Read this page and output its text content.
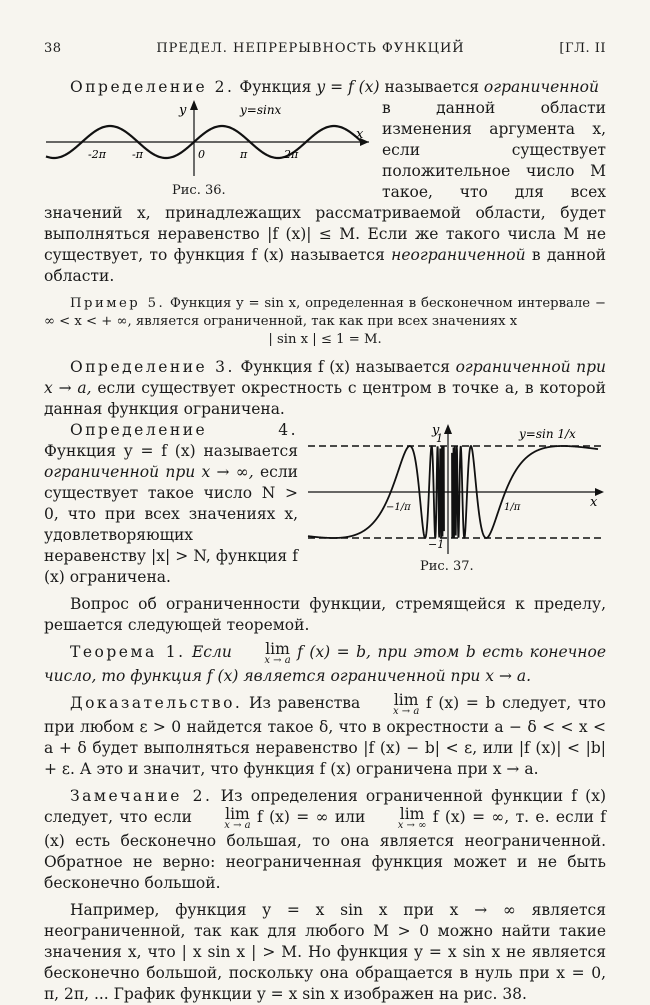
38	ПРЕДЕЛ. НЕПРЕРЫВНОСТЬ ФУНКЦИЙ	[ГЛ. II

Определение 2. Функция y = f (x) называется ограниченной

y	y=sinx
x
-2π -π	0	π	2π
Рис. 36.

в данной области изменения аргумента x, если существует положительное число M такое, что для всех значений x, принадлежащих рассматриваемой области, будет выполняться неравенство |f (x)| ≤ M. Если же такого числа M не существует, то функция f (x) называется неограниченной в данной области.

Пример 5. Функция y = sin x, определенная в бесконечном интервале − ∞ < x < + ∞, является ограниченной, так как при всех значениях x

| sin x | ≤ 1 = M.

Определение 3. Функция f (x) называется ограниченной при x → a, если существует окрестность с центром в точке a, в которой данная функция ограничена.

y
1
−1
y=sin 1/x
x
−1/π	1/π
Рис. 37.

Определение 4. Функция y = f (x) называется ограниченной при x → ∞, если существует такое число N > 0, что при всех значениях x, удовлетворяющих неравенству |x| > N, функция f (x) ограничена.

Вопрос об ограниченности функции, стремящейся к пределу, решается следующей теоремой.

Теорема 1. Если lim
x → a f (x) = b, при этом b есть конечное число, то функция f (x) является ограниченной при x → a.

Доказательство. Из равенства lim
x → a f (x) = b следует, что при любом ε > 0 найдется такое δ, что в окрестности a − δ < < x < a + δ будет выполняться неравенство |f (x) − b| < ε, или |f (x)| < |b| + ε. А это и значит, что функция f (x) ограничена при x → a.

Замечание 2. Из определения ограниченной функции f (x) следует, что если lim
x → a f (x) = ∞ или lim
x → ∞ f (x) = ∞, т. е. если f (x) есть бесконечно большая, то она является неограниченной. Обратное не верно: неограниченная функция может и не быть бесконечно большой.

Например, функция y = x sin x при x → ∞ является неограниченной, так как для любого M > 0 можно найти такие значения x, что | x sin x | > M. Но функция y = x sin x не является бесконечно большой, поскольку она обращается в нуль при x = 0, π, 2π, ... График функции y = x sin x изображен на рис. 38.
